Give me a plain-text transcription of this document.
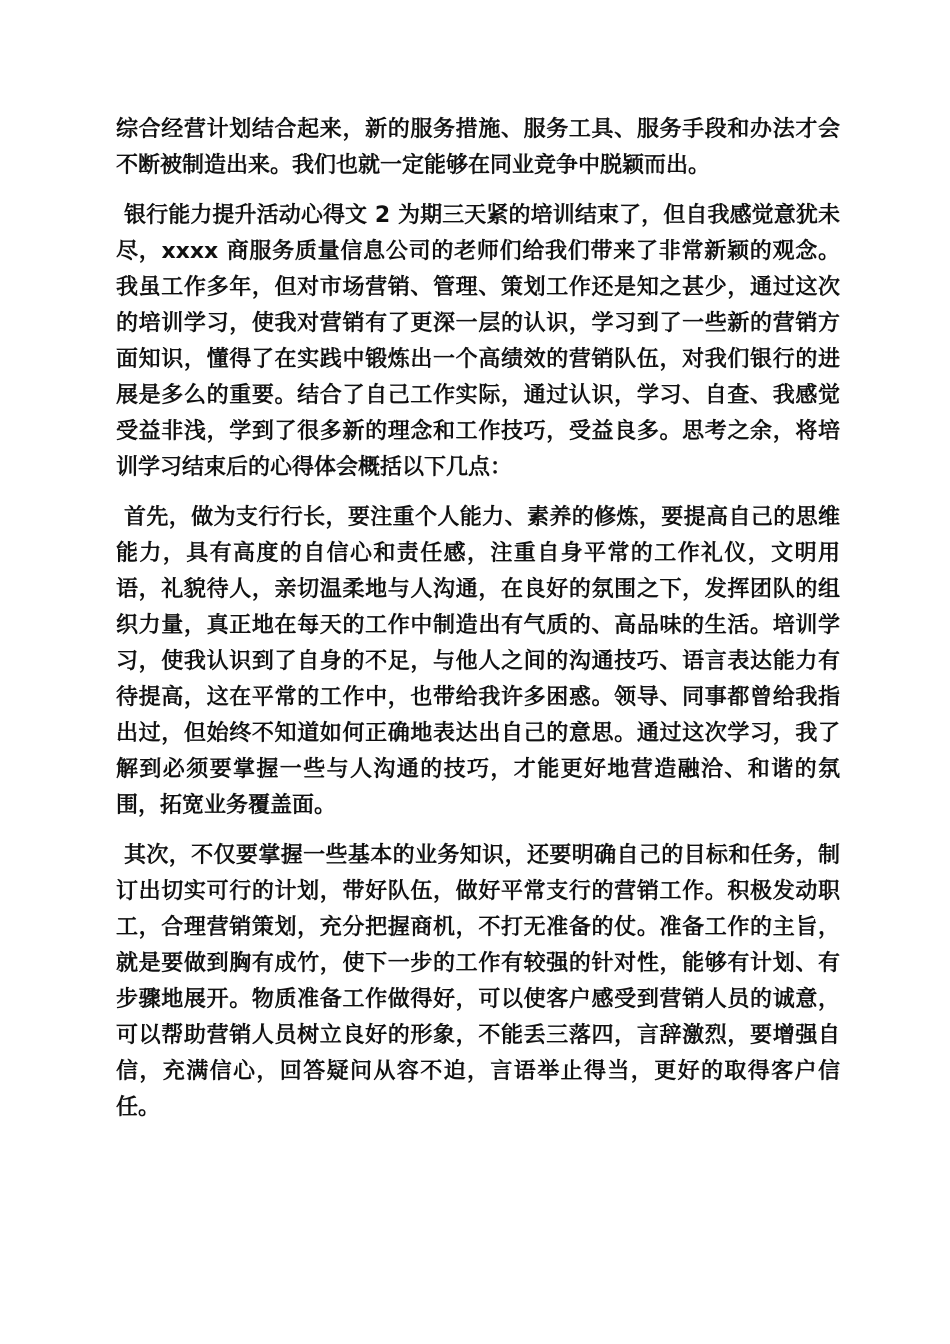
综合经营计划结合起来，新的服务措施、服务工具、服务手段和办法才会不断被制造出来。我们也就一定能够在同业竞争中脱颖而出。

银行能力提升活动心得文 2 为期三天紧的培训结束了，但自我感觉意犹未尽，xxxx 商服务质量信息公司的老师们给我们带来了非常新颖的观念。我虽工作多年，但对市场营销、管理、策划工作还是知之甚少，通过这次的培训学习，使我对营销有了更深一层的认识，学习到了一些新的营销方面知识，懂得了在实践中锻炼出一个高绩效的营销队伍，对我们银行的进展是多么的重要。结合了自己工作实际，通过认识，学习、自查、我感觉受益非浅，学到了很多新的理念和工作技巧，受益良多。思考之余，将培训学习结束后的心得体会概括以下几点：

首先，做为支行行长，要注重个人能力、素养的修炼，要提高自己的思维能力，具有高度的自信心和责任感，注重自身平常的工作礼仪，文明用语，礼貌待人，亲切温柔地与人沟通，在良好的氛围之下，发挥团队的组织力量，真正地在每天的工作中制造出有气质的、高品味的生活。培训学习，使我认识到了自身的不足，与他人之间的沟通技巧、语言表达能力有待提高，这在平常的工作中，也带给我许多困惑。领导、同事都曾给我指出过，但始终不知道如何正确地表达出自己的意思。通过这次学习，我了解到必须要掌握一些与人沟通的技巧，才能更好地营造融洽、和谐的氛围，拓宽业务覆盖面。

其次，不仅要掌握一些基本的业务知识，还要明确自己的目标和任务，制订出切实可行的计划，带好队伍，做好平常支行的营销工作。积极发动职工，合理营销策划，充分把握商机，不打无准备的仗。准备工作的主旨，就是要做到胸有成竹，使下一步的工作有较强的针对性，能够有计划、有步骤地展开。物质准备工作做得好，可以使客户感受到营销人员的诚意，可以帮助营销人员树立良好的形象，不能丢三落四，言辞激烈，要增强自信，充满信心，回答疑问从容不迫，言语举止得当，更好的取得客户信任。
